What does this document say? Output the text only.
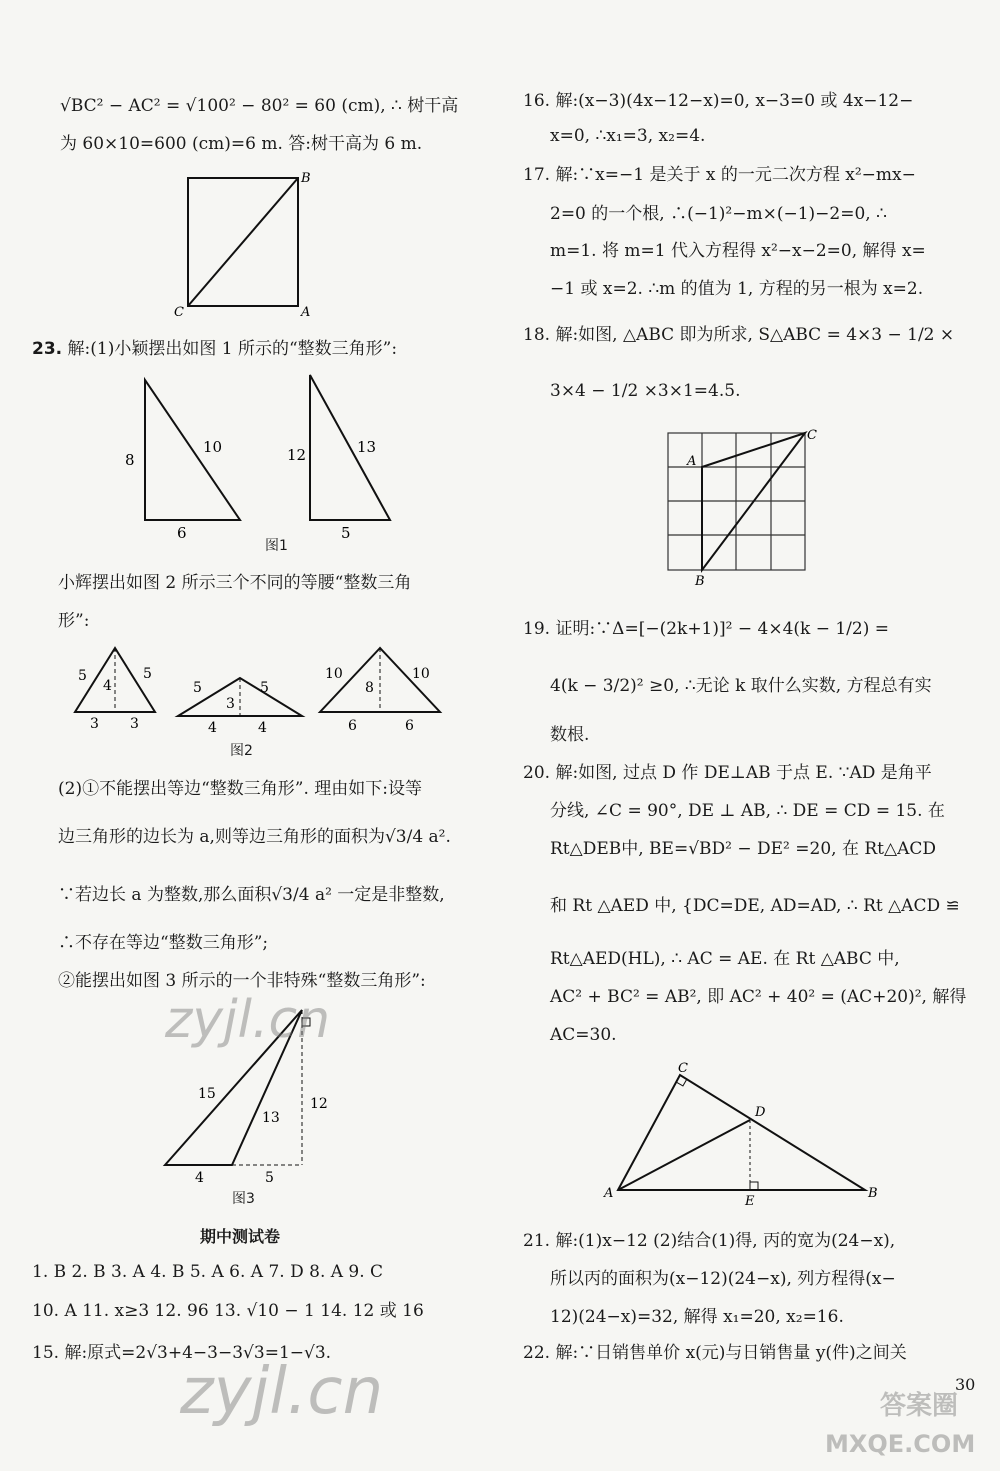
√BC² − AC² = √100² − 80² = 60 (cm), ∴ 树干高
为 60×10=600 (cm)=6 m. 答:树干高为 6 m.
B
C	A
23. 解:(1)小颖摆出如图 1 所示的“整数三角形”:
8
10
6
12	13
5
图1
小辉摆出如图 2 所示三个不同的等腰“整数三角
形”:
5
4
5
3 3
5
3
5
4	4
10
8
10
6	6
图2
(2)①不能摆出等边“整数三角形”. 理由如下:设等
边三角形的边长为 a,则等边三角形的面积为√3/4 a².
∵若边长 a 为整数,那么面积√3/4 a² 一定是非整数,
∴不存在等边“整数三角形”;
②能摆出如图 3 所示的一个非特殊“整数三角形”:
15
13
12
4	5
图3
期中测试卷
1. B 2. B 3. A 4. B 5. A 6. A 7. D 8. A 9. C
10. A 11. x≥3 12. 96 13. √10 − 1 14. 12 或 16
15. 解:原式=2√3+4−3−3√3=1−√3.
16. 解:(x−3)(4x−12−x)=0, x−3=0 或 4x−12−
x=0, ∴x₁=3, x₂=4.
17. 解:∵x=−1 是关于 x 的一元二次方程 x²−mx−
2=0 的一个根, ∴(−1)²−m×(−1)−2=0, ∴
m=1. 将 m=1 代入方程得 x²−x−2=0, 解得 x=
−1 或 x=2. ∴m 的值为 1, 方程的另一根为 x=2.
18. 解:如图, △ABC 即为所求, S△ABC = 4×3 − 1/2 ×
3×4 − 1/2 ×3×1=4.5.
A
C
B
19. 证明:∵Δ=[−(2k+1)]² − 4×4(k − 1/2) =
4(k − 3/2)² ≥0, ∴无论 k 取什么实数, 方程总有实
数根.
20. 解:如图, 过点 D 作 DE⊥AB 于点 E. ∵AD 是角平
分线, ∠C = 90°, DE ⊥ AB, ∴ DE = CD = 15. 在
Rt△DEB中, BE=√BD² − DE² =20, 在 Rt△ACD
和 Rt △AED 中, {DC=DE, AD=AD, ∴ Rt △ACD ≌
Rt△AED(HL), ∴ AC = AE. 在 Rt △ABC 中,
AC² + BC² = AB², 即 AC² + 40² = (AC+20)², 解得
AC=30.
C
D
A
E
B
21. 解:(1)x−12 (2)结合(1)得, 丙的宽为(24−x),
所以丙的面积为(x−12)(24−x), 列方程得(x−
12)(24−x)=32, 解得 x₁=20, x₂=16.
22. 解:∵日销售单价 x(元)与日销售量 y(件)之间关
30
zyjl.cn
zyjl.cn	答案圈
MXQE.COM
